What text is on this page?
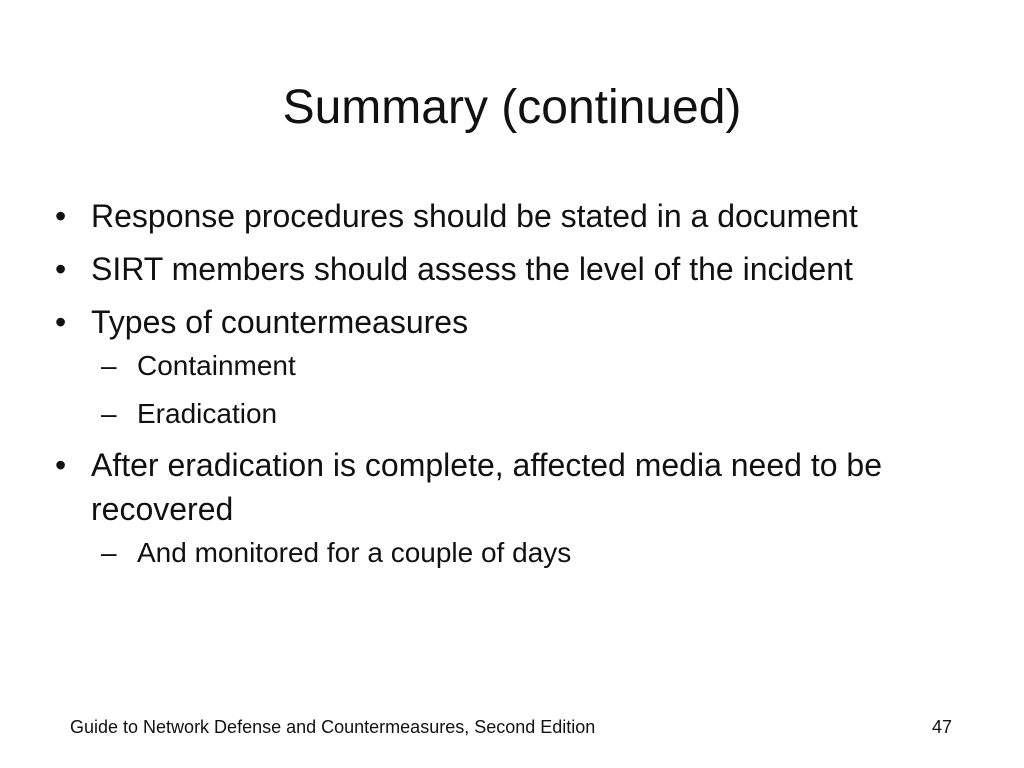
Summary (continued)
• Response procedures should be stated in a document
• SIRT members should assess the level of the incident
• Types of countermeasures
– Containment
– Eradication
• After eradication is complete, affected media need to be recovered
– And monitored for a couple of days
Guide to Network Defense and Countermeasures, Second Edition	47
